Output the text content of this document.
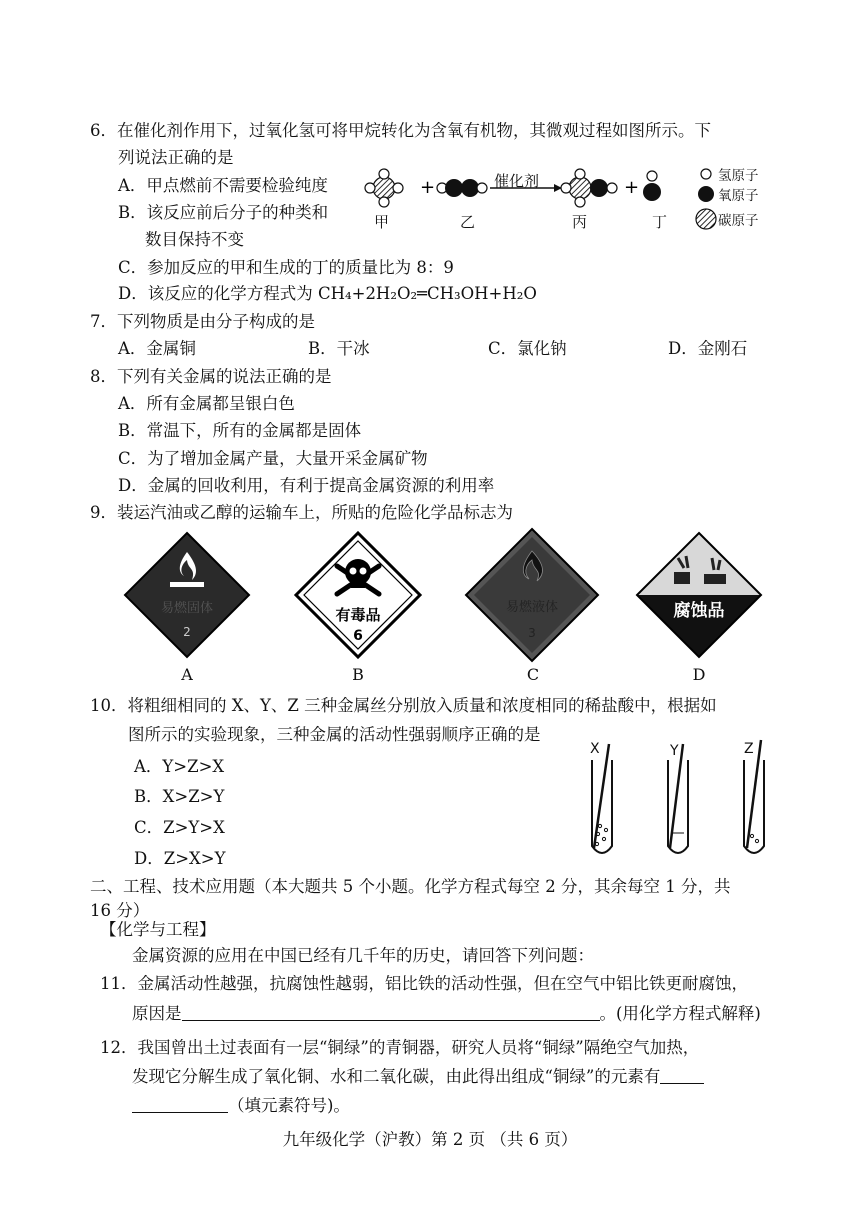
6．在催化剂作用下，过氧化氢可将甲烷转化为含氧有机物，其微观过程如图所示。下
列说法正确的是
A．甲点燃前不需要检验纯度
B．该反应前后分子的种类和
数目保持不变
C．参加反应的甲和生成的丁的质量比为 8：9
D．该反应的化学方程式为 CH₄+2H₂O₂═CH₃OH+H₂O
+	+
催化剂
甲	乙	丙	丁
氢原子
氧原子
碳原子
7．下列物质是由分子构成的是
A．金属铜	B．干冰	C．氯化钠	D．金刚石
8．下列有关金属的说法正确的是
A．所有金属都呈银白色
B．常温下，所有的金属都是固体
C．为了增加金属产量，大量开采金属矿物
D．金属的回收利用，有利于提高金属资源的利用率
9．装运汽油或乙醇的运输车上，所贴的危险化学品标志为
易燃固体
2
A
有毒品
6
B
易燃液体
3
C
腐蚀品
D
10．将粗细相同的 X、Y、Z 三种金属丝分别放入质量和浓度相同的稀盐酸中，根据如
图所示的实验现象，三种金属的活动性强弱顺序正确的是
A．Y>Z>X
B．X>Z>Y
C．Z>Y>X
D．Z>X>Y
X	Y	Z
二、工程、技术应用题（本大题共 5 个小题。化学方程式每空 2 分，其余每空 1 分，共
16 分）
【化学与工程】
金属资源的应用在中国已经有几千年的历史，请回答下列问题：
11．金属活动性越强，抗腐蚀性越弱，铝比铁的活动性强，但在空气中铝比铁更耐腐蚀，
原因是	。(用化学方程式解释)
12．我国曾出土过表面有一层“铜绿”的青铜器，研究人员将“铜绿”隔绝空气加热，
发现它分解生成了氧化铜、水和二氧化碳，由此得出组成“铜绿”的元素有
（填元素符号)。
九年级化学（沪教）第 2 页 （共 6 页）
